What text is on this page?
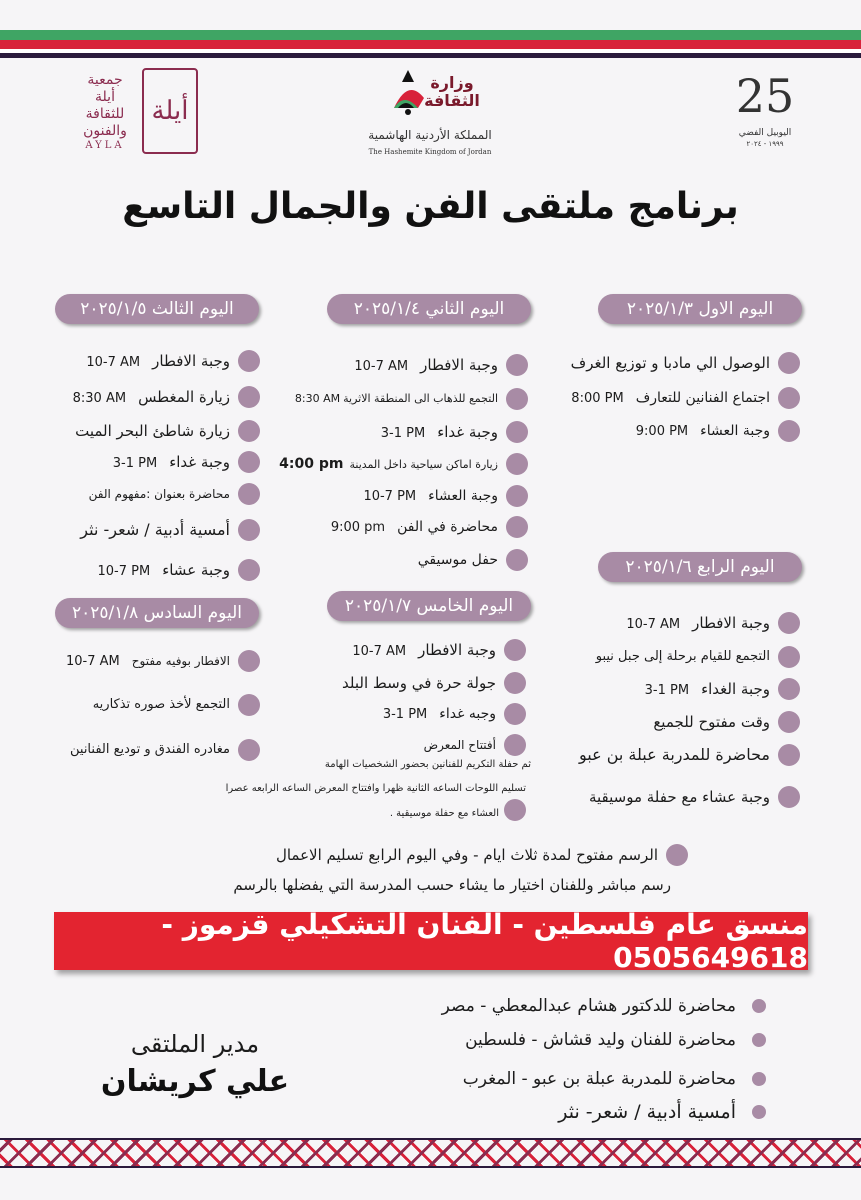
أيلة
جمعية
أيلة
للثقافة
والفنون
AYLA
وزارة
الثقافة
المملكة الأردنية الهاشمية
The Hashemite Kingdom of Jordan
25
اليوبيل الفضي
١٩٩٩ - ٢٠٢٤
برنامج ملتقى الفن والجمال التاسع
اليوم الاول ٢٠٢٥/١/٣
الوصول الي مادبا و توزيع الغرف
اجتماع الفنانين للتعارف8:00 PM
وجبة العشاء9:00 PM
اليوم الثاني ٢٠٢٥/١/٤
وجبة الافطار10-7 AM
التجمع للذهاب الى المنطقة الاثرية8:30 AM
وجبة غداء3-1 PM
زيارة اماكن سياحية داخل المدينة4:00 pm
وجبة العشاء10-7 PM
محاضرة في الفن9:00 pm
حفل موسيقي
اليوم الثالث ٢٠٢٥/١/٥
وجبة الافطار10-7 AM
زيارة المغطس8:30 AM
زيارة شاطئ البحر الميت
وجبة غداء3-1 PM
محاضرة بعنوان :مفهوم الفن
أمسية أدبية / شعر- نثر
وجبة عشاء10-7 PM	اليوم الرابع ٢٠٢٥/١/٦
وجبة الافطار10-7 AM
التجمع للقيام برحلة إلى جبل نيبو
وجبة الغداء3-1 PM
وقت مفتوح للجميع
محاضرة للمدربة عبلة بن عبو
وجبة عشاء مع حفلة موسيقية
اليوم الخامس ٢٠٢٥/١/٧
وجبة الافطار10-7 AM
جولة حرة في وسط البلد
وجبه غداء3-1 PM
أفتتاح المعرض
ثم حفلة التكريم للفنانين بحضور الشخصيات الهامة
تسليم اللوحات الساعه الثانية ظهرا وافتتاح المعرض الساعه الرابعه عصرا
العشاء مع حفلة موسيقية .
اليوم السادس ٢٠٢٥/١/٨
الافطار بوفيه مفتوح10-7 AM
التجمع لأخذ صوره تذكاريه
مغادره الفندق و توديع الفنانين
الرسم مفتوح لمدة ثلاث ايام - وفي اليوم الرابع تسليم الاعمال
رسم مباشر وللفنان اختيار ما يشاء حسب المدرسة التي يفضلها بالرسم
منسق عام فلسطين - الفنان التشكيلي قزموز - 0505649618
محاضرة للدكتور هشام عبدالمعطي - مصر
محاضرة للفنان وليد قشاش - فلسطين
محاضرة للمدربة عبلة بن عبو - المغرب
أمسية أدبية / شعر- نثر
مدير الملتقى
علي كريشان
